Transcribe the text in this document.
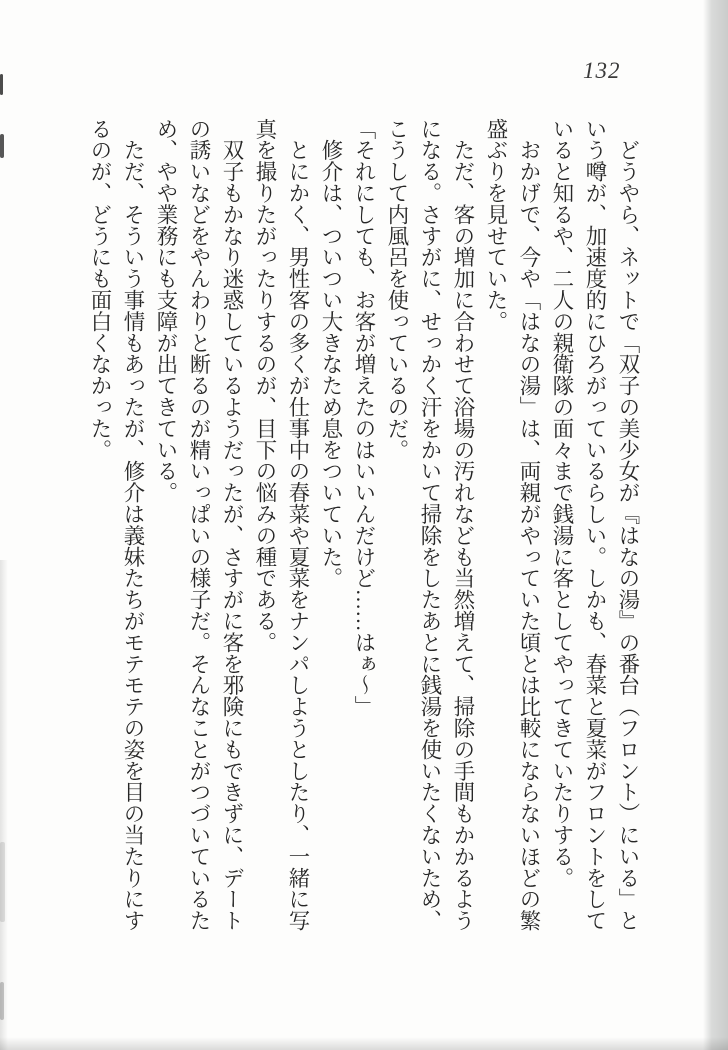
132

　どうやら、ネットで「双子の美少女が『はなの湯』の番台（フロント）にいる」という噂が、加速度的にひろがっているらしい。しかも、春菜と夏菜がフロントをしていると知るや、二人の親衛隊の面々まで銭湯に客としてやってきていたりする。

　おかげで、今や「はなの湯」は、両親がやっていた頃とは比較にならないほどの繁盛ぶりを見せていた。

　ただ、客の増加に合わせて浴場の汚れなども当然増えて、掃除の手間もかかるようになる。さすがに、せっかく汗をかいて掃除をしたあとに銭湯を使いたくないため、こうして内風呂を使っているのだ。

「それにしても、お客が増えたのはいいんだけど……はぁ〜」

　修介は、ついつい大きなため息をついていた。

　とにかく、男性客の多くが仕事中の春菜や夏菜をナンパしようとしたり、一緒に写真を撮りたがったりするのが、目下の悩みの種である。

　双子もかなり迷惑しているようだったが、さすがに客を邪険にもできずに、デートの誘いなどをやんわりと断るのが精いっぱいの様子だ。そんなことがつづいているため、やや業務にも支障が出てきている。

　ただ、そういう事情もあったが、修介は義妹たちがモテモテの姿を目の当たりにするのが、どうにも面白くなかった。
